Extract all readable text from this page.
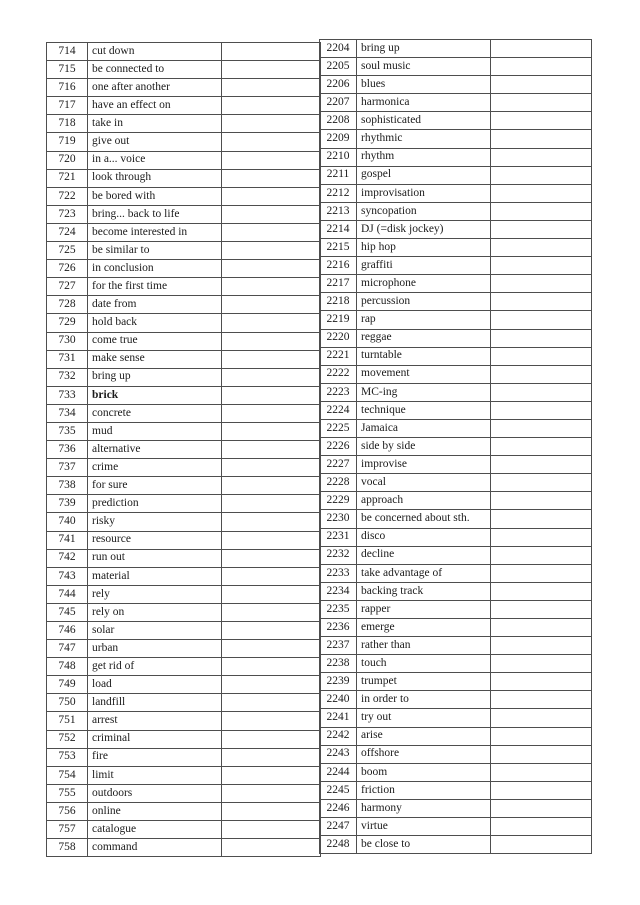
714	cut down	
715	be connected to	
716	one after another	
717	have an effect on	
718	take in	
719	give out	
720	in a... voice	
721	look through	
722	be bored with	
723	bring... back to life	
724	become interested in	
725	be similar to	
726	in conclusion	
727	for the first time	
728	date from	
729	hold back	
730	come true	
731	make sense	
732	bring up	
733	brick	
734	concrete	
735	mud	
736	alternative	
737	crime	
738	for sure	
739	prediction	
740	risky	
741	resource	
742	run out	
743	material	
744	rely	
745	rely on	
746	solar	
747	urban	
748	get rid of	
749	load	
750	landfill	
751	arrest	
752	criminal	
753	fire	
754	limit	
755	outdoors	
756	online	
757	catalogue	
758	command	
2204	bring up	
2205	soul music	
2206	blues	
2207	harmonica	
2208	sophisticated	
2209	rhythmic	
2210	rhythm	
2211	gospel	
2212	improvisation	
2213	syncopation	
2214	DJ (=disk jockey)	
2215	hip hop	
2216	graffiti	
2217	microphone	
2218	percussion	
2219	rap	
2220	reggae	
2221	turntable	
2222	movement	
2223	MC-ing	
2224	technique	
2225	Jamaica	
2226	side by side	
2227	improvise	
2228	vocal	
2229	approach	
2230	be concerned about sth.	
2231	disco	
2232	decline	
2233	take advantage of	
2234	backing track	
2235	rapper	
2236	emerge	
2237	rather than	
2238	touch	
2239	trumpet	
2240	in order to	
2241	try out	
2242	arise	
2243	offshore	
2244	boom	
2245	friction	
2246	harmony	
2247	virtue	
2248	be close to	
